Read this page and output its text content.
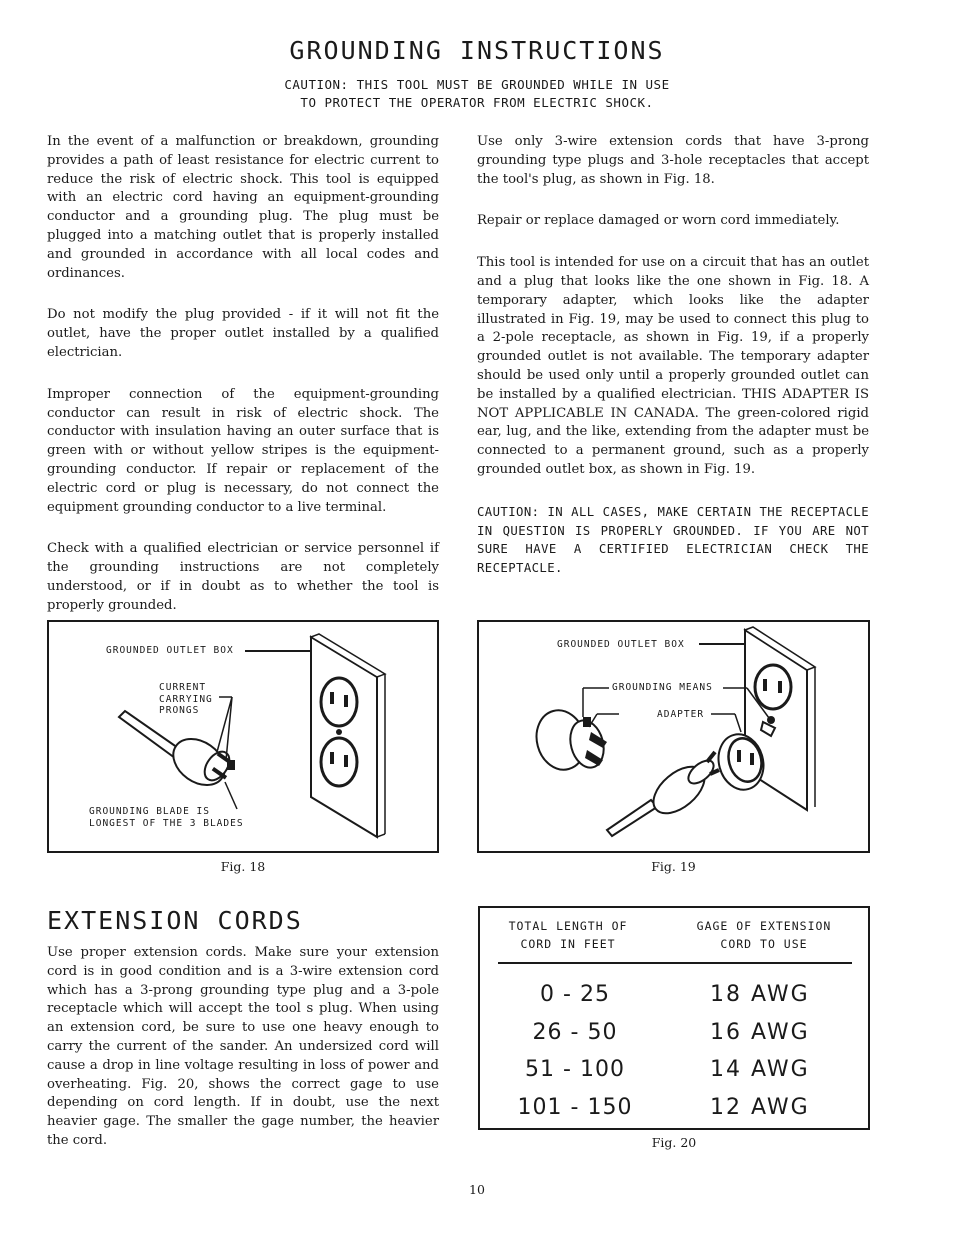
GROUNDING INSTRUCTIONS
CAUTION: THIS TOOL MUST BE GROUNDED WHILE IN USE
TO PROTECT THE OPERATOR FROM ELECTRIC SHOCK.

In the event of a malfunction or breakdown, grounding provides a path of least resistance for electric current to reduce the risk of electric shock. This tool is equipped with an electric cord having an equipment-grounding conductor and a grounding plug. The plug must be plugged into a matching outlet that is properly installed and grounded in accordance with all local codes and ordinances.

Do not modify the plug provided - if it will not fit the outlet, have the proper outlet installed by a qualified electrician.

Improper connection of the equipment-grounding conductor can result in risk of electric shock. The conductor with insulation having an outer surface that is green with or without yellow stripes is the equipment-grounding conductor. If repair or replacement of the electric cord or plug is necessary, do not connect the equipment grounding conductor to a live terminal.

Check with a qualified electrician or service personnel if the grounding instructions are not completely understood, or if in doubt as to whether the tool is properly grounded.

Use only 3-wire extension cords that have 3-prong grounding type plugs and 3-hole receptacles that accept the tool's plug, as shown in Fig. 18.

Repair or replace damaged or worn cord immediately.

This tool is intended for use on a circuit that has an outlet and a plug that looks like the one shown in Fig. 18. A temporary adapter, which looks like the adapter illustrated in Fig. 19, may be used to connect this plug to a 2-pole receptacle, as shown in Fig. 19, if a properly grounded outlet is not available. The temporary adapter should be used only until a properly grounded outlet can be installed by a qualified electrician. THIS ADAPTER IS NOT APPLICABLE IN CANADA. The green-colored rigid ear, lug, and the like, extending from the adapter must be connected to a permanent ground, such as a properly grounded outlet box, as shown in Fig. 19.

CAUTION: IN ALL CASES, MAKE CERTAIN THE RECEPTACLE IN QUESTION IS PROPERLY GROUNDED. IF YOU ARE NOT SURE HAVE A CERTIFIED ELECTRICIAN CHECK THE RECEPTACLE.

GROUNDED OUTLET BOX
CURRENT
CARRYING
PRONGS
GROUNDING BLADE IS
LONGEST OF THE 3 BLADES
Fig. 18
GROUNDED OUTLET BOX
GROUNDING MEANS
ADAPTER
Fig. 19
EXTENSION CORDS
Use proper extension cords. Make sure your extension cord is in good condition and is a 3-wire extension cord which has a 3-prong grounding type plug and a 3-pole receptacle which will accept the tool s plug. When using an extension cord, be sure to use one heavy enough to carry the current of the sander. An undersized cord will cause a drop in line voltage resulting in loss of power and overheating. Fig. 20, shows the correct gage to use depending on cord length. If in doubt, use the next heavier gage. The smaller the gage number, the heavier the cord.
TOTAL LENGTH OF
CORD IN FEET
GAGE OF EXTENSION
CORD TO USE
0 - 25	18 AWG
26 - 50	16 AWG
51 - 100	14 AWG
101 - 150	12 AWG
Fig. 20
10
